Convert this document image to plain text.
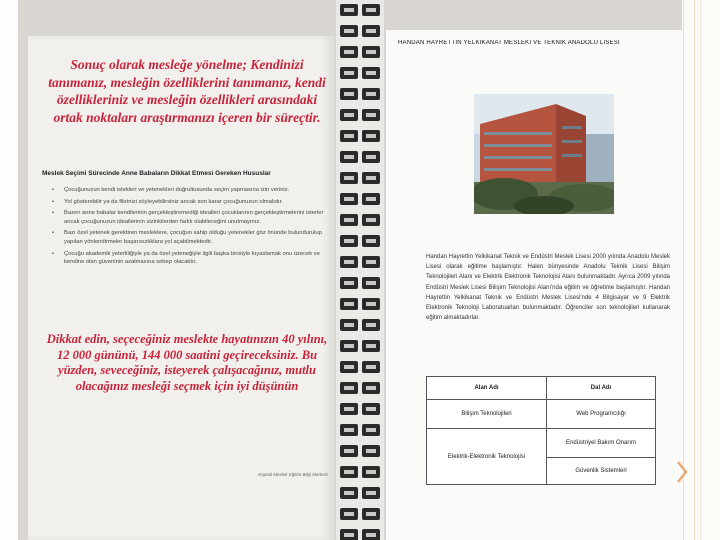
Sonuç olarak mesleğe yönelme; Kendinizi tanımanız, mesleğin özelliklerini tanımanız, kendi özellikleriniz ve mesleğin özellikleri arasındaki ortak noktaları araştırmanızı içeren bir süreçtir.
Meslek Seçimi Sürecinde Anne Babaların Dikkat Etmesi Gereken Hususlar
• Çocuğunuzun kendi istekleri ve yetenekleri doğrultusunda seçim yapmasına izin veriniz.
• Yol gösterebilir ya da fikrinizi söyleyebilirsiniz ancak son karar çocuğunuzun olmalıdır.
• Bazen anne babalar kendilerinin gerçekleştiremediği idealleri çocuklarının gerçekleştirmelerini isterler ancak çocuğunuzun ideallerinin sizinkilerden farklı olabileceğini unutmayınız.
• Bazı özel yetenek gerektiren mesleklere, çocuğun sahip olduğu yetenekler göz önünde bulundurulup yapılan yönlendirmeler başarısızlıklara yol açabilmektedir.
• Çocuğu akademik yeterliliğiyle ya da özel yeteneğiyle ilgili başka birisiyle kıyaslamak onu üzecek ve kendine olan güveninin azalmasına sebep olacaktır.
Dikkat edin, seçeceğiniz meslekte hayatınızın 40 yılını, 12 000 gününü, 144 000 saatini geçireceksiniz. Bu yüzden, seveceğiniz, isteyerek çalışacağınız, mutlu olacağınız mesleği seçmek için iyi düşünün
Kapsül Meslek Eğitim Bilgi Merkezi
HANDAN HAYRETTİN YELKİKANAT MESLEKİ VE TEKNİK ANADOLU LİSESİ
Handan Hayrettin Yelkikanat Teknik ve Endüstri Meslek Lisesi 2000 yılında Anadolu Meslek Lisesi olarak eğitime başlamıştır. Halen bünyesinde Anadolu Teknik Lisesi Bilişim Teknolojileri Alanı ve Elektrik Elektronik Teknolojisi Alanı bulunmaktadır. Ayrıca 2009 yılında Endüstri Meslek Lisesi Bilişim Teknolojisi Alanı'nda eğitim ve öğretime başlamıştır. Handan Hayrettin Yelkikanat Teknik ve Endüstri Meslek Lisesi'nde 4 Bilgisayar ve 9 Elektrik Elektronik Teknoloji Laboratuarları bulunmaktadır. Öğrenciler son teknolojileri kullanarak eğitim almaktadırlar.
Alan Adı	Dal Adı
Bilişim Teknolojileri	Web Programcılığı
Elektrik-Elektronik Teknolojisi	Endüstriyel Bakım Onarım
	Güvenlik Sistemleri
